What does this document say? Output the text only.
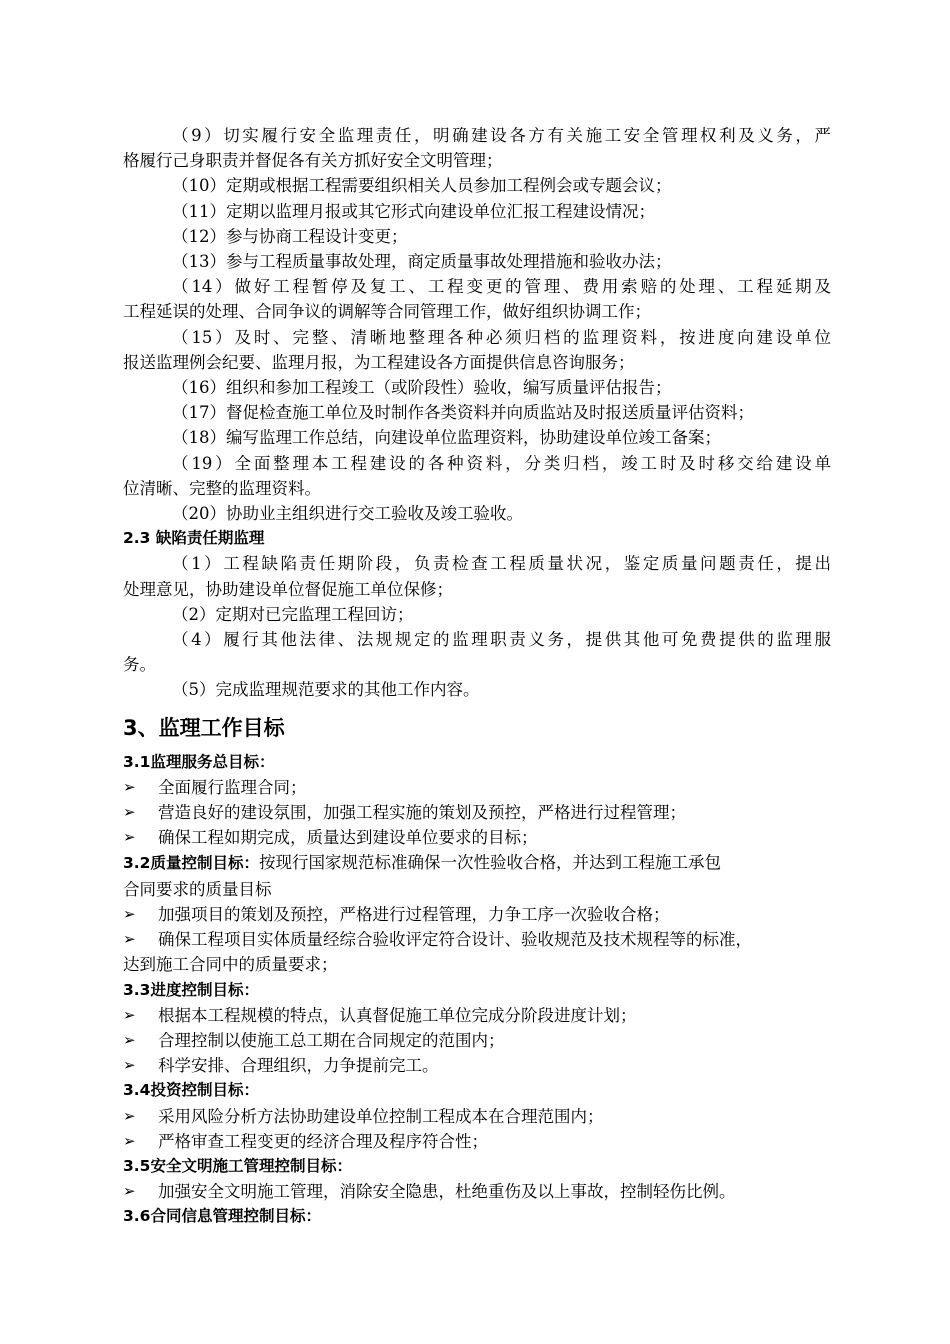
（9）切实履行安全监理责任，明确建设各方有关施工安全管理权利及义务，严
格履行己身职责并督促各有关方抓好安全文明管理；
（10）定期或根据工程需要组织相关人员参加工程例会或专题会议；
（11）定期以监理月报或其它形式向建设单位汇报工程建设情况；
（12）参与协商工程设计变更；
（13）参与工程质量事故处理，商定质量事故处理措施和验收办法；
（14）做好工程暂停及复工、工程变更的管理、费用索赔的处理、工程延期及
工程延误的处理、合同争议的调解等合同管理工作，做好组织协调工作；
（15）及时、完整、清晰地整理各种必须归档的监理资料，按进度向建设单位
报送监理例会纪要、监理月报，为工程建设各方面提供信息咨询服务；
（16）组织和参加工程竣工（或阶段性）验收，编写质量评估报告；
（17）督促检查施工单位及时制作各类资料并向质监站及时报送质量评估资料；
（18）编写监理工作总结，向建设单位监理资料，协助建设单位竣工备案；
（19）全面整理本工程建设的各种资料，分类归档，竣工时及时移交给建设单
位清晰、完整的监理资料。
（20）协助业主组织进行交工验收及竣工验收。
2.3 缺陷责任期监理
（1）工程缺陷责任期阶段，负责检查工程质量状况，鉴定质量问题责任，提出
处理意见，协助建设单位督促施工单位保修；
（2）定期对已完监理工程回访；
（4）履行其他法律、法规规定的监理职责义务，提供其他可免费提供的监理服
务。
（5）完成监理规范要求的其他工作内容。
3、监理工作目标
3.1监理服务总目标：
➢	全面履行监理合同；
➢	营造良好的建设氛围，加强工程实施的策划及预控，严格进行过程管理；
➢	确保工程如期完成，质量达到建设单位要求的目标；
3.2质量控制目标：按现行国家规范标准确保一次性验收合格，并达到工程施工承包
合同要求的质量目标
➢	加强项目的策划及预控，严格进行过程管理，力争工序一次验收合格；
➢	确保工程项目实体质量经综合验收评定符合设计、验收规范及技术规程等的标准，
达到施工合同中的质量要求；
3.3进度控制目标：
➢	根据本工程规模的特点，认真督促施工单位完成分阶段进度计划；
➢	合理控制以使施工总工期在合同规定的范围内；
➢	科学安排、合理组织，力争提前完工。
3.4投资控制目标：
➢	采用风险分析方法协助建设单位控制工程成本在合理范围内；
➢	严格审查工程变更的经济合理及程序符合性；
3.5安全文明施工管理控制目标：
➢	加强安全文明施工管理，消除安全隐患，杜绝重伤及以上事故，控制轻伤比例。
3.6合同信息管理控制目标：
